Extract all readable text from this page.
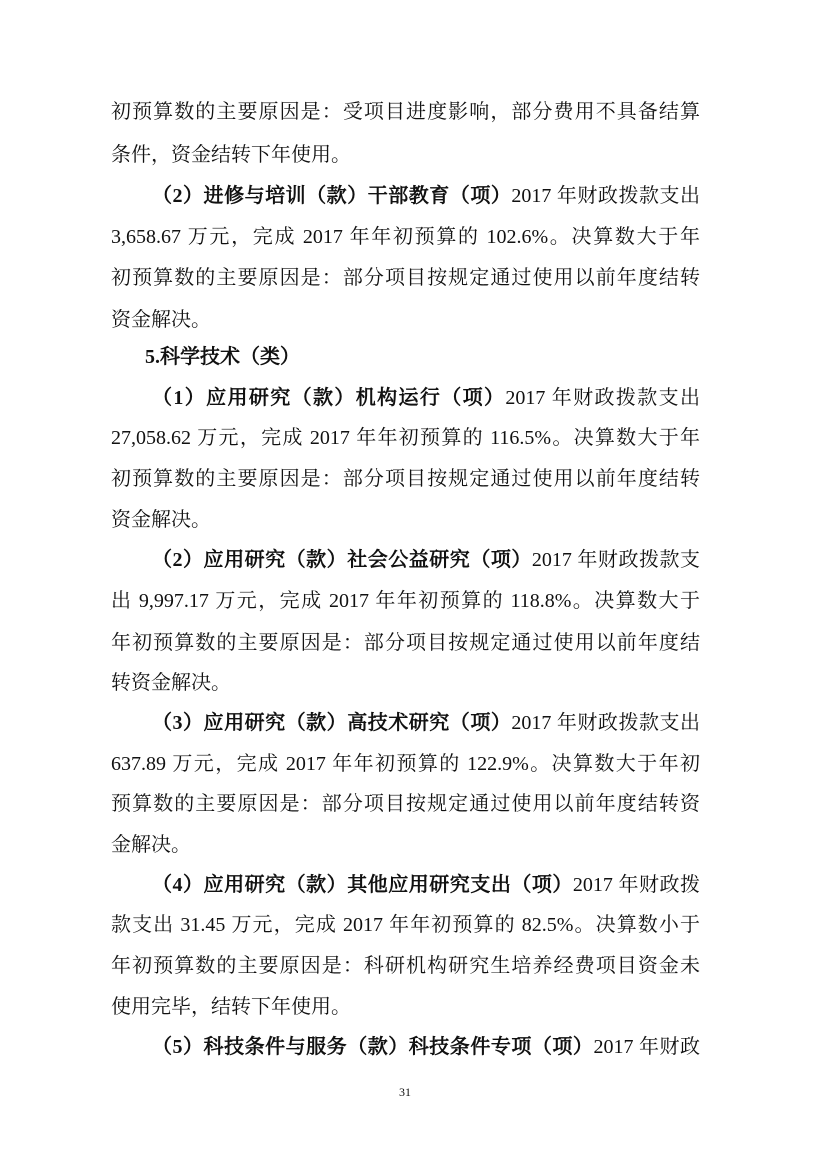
初预算数的主要原因是：受项目进度影响，部分费用不具备结算
条件，资金结转下年使用。
（2）进修与培训（款）干部教育（项）2017 年财政拨款支出
3,658.67 万元，完成 2017 年年初预算的 102.6%。决算数大于年
初预算数的主要原因是：部分项目按规定通过使用以前年度结转
资金解决。
5.科学技术（类）
（1）应用研究（款）机构运行（项）2017 年财政拨款支出
27,058.62 万元，完成 2017 年年初预算的 116.5%。决算数大于年
初预算数的主要原因是：部分项目按规定通过使用以前年度结转
资金解决。
（2）应用研究（款）社会公益研究（项）2017 年财政拨款支
出 9,997.17 万元，完成 2017 年年初预算的 118.8%。决算数大于
年初预算数的主要原因是：部分项目按规定通过使用以前年度结
转资金解决。
（3）应用研究（款）高技术研究（项）2017 年财政拨款支出
637.89 万元，完成 2017 年年初预算的 122.9%。决算数大于年初
预算数的主要原因是：部分项目按规定通过使用以前年度结转资
金解决。
（4）应用研究（款）其他应用研究支出（项）2017 年财政拨
款支出 31.45 万元，完成 2017 年年初预算的 82.5%。决算数小于
年初预算数的主要原因是：科研机构研究生培养经费项目资金未
使用完毕，结转下年使用。
（5）科技条件与服务（款）科技条件专项（项）2017 年财政
31
